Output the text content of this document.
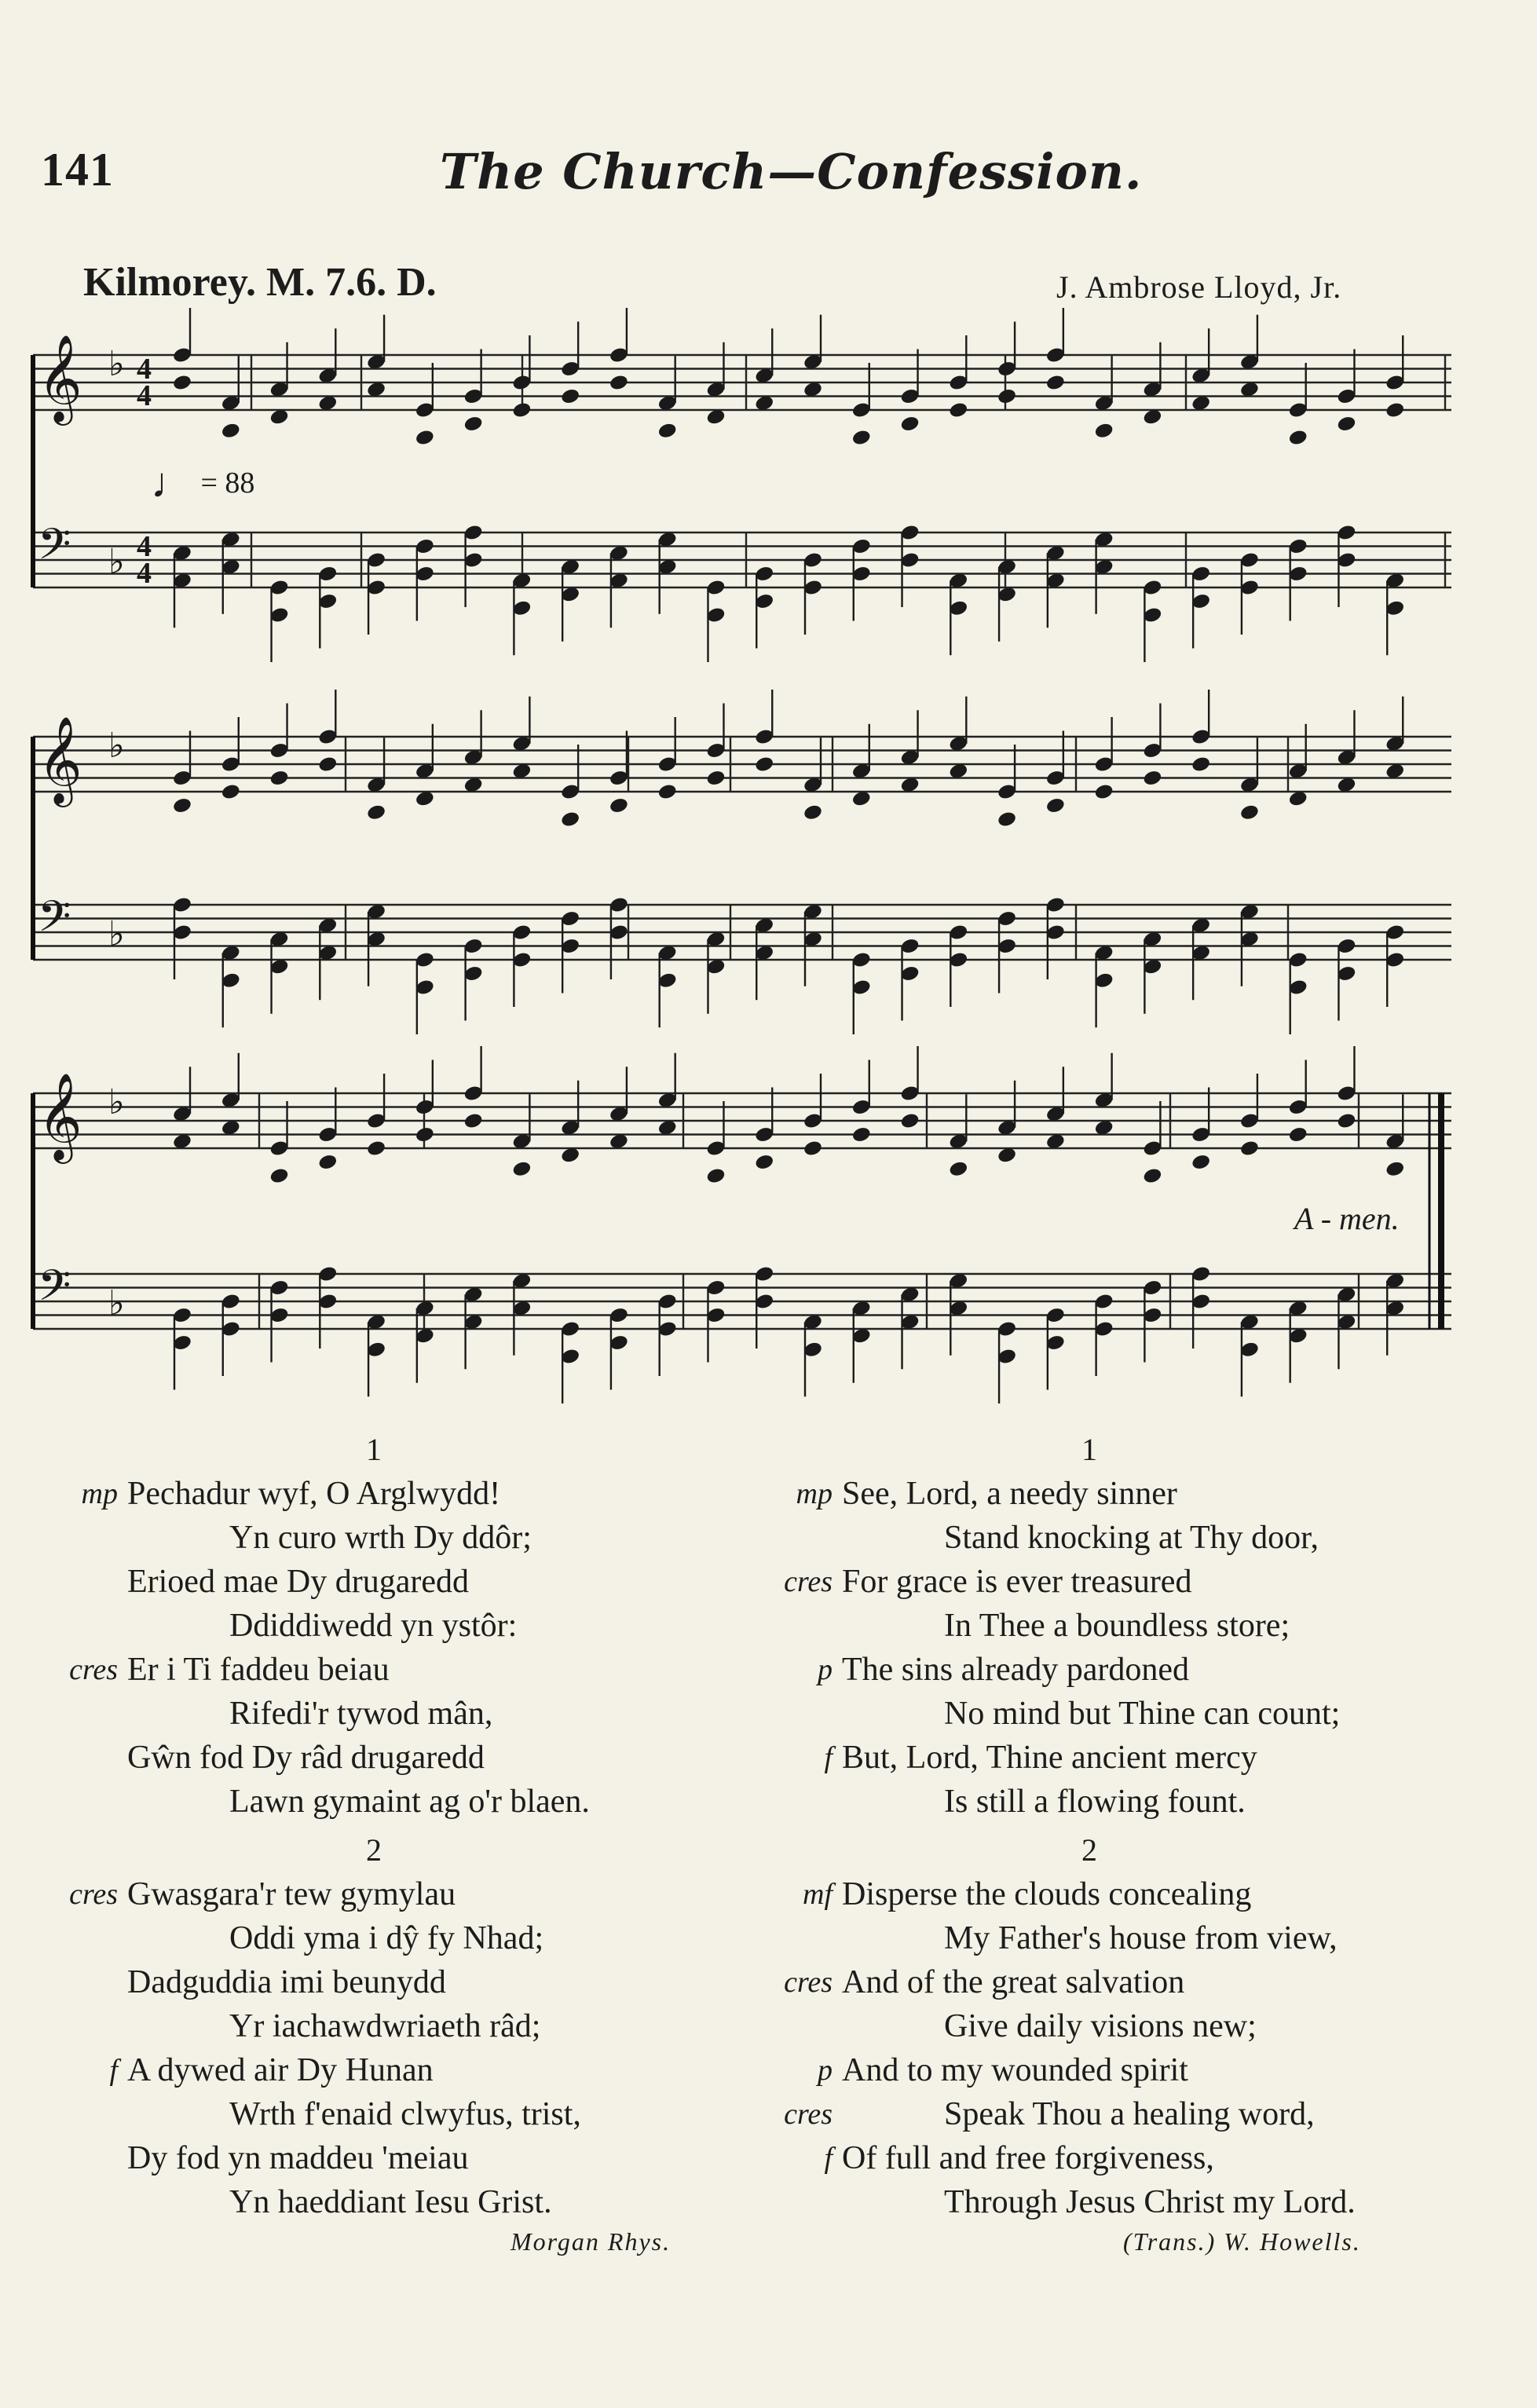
141	The Church—Confession.
Kilmorey. M. 7.6. D.	J. Ambrose Lloyd, Jr.
♩ = 88
𝄞 ♭
𝄢 ♭
𝄞 ♭
𝄢 ♭
𝄞 ♭
𝄢 ♭
4
4
4
4
A - men.
1
mp Pechadur wyf, O Arglwydd!
Yn curo wrth Dy ddôr;
Erioed mae Dy drugaredd
Ddiddiwedd yn ystôr:
cres Er i Ti faddeu beiau
Rifedi'r tywod mân,
Gŵn fod Dy râd drugaredd
Lawn gymaint ag o'r blaen.
2
cres Gwasgara'r tew gymylau
Oddi yma i dŷ fy Nhad;
Dadguddia imi beunydd
Yr iachawdwriaeth râd;
f A dywed air Dy Hunan
Wrth f'enaid clwyfus, trist,
Dy fod yn maddeu 'meiau
Yn haeddiant Iesu Grist.
Morgan Rhys.
1
mp See, Lord, a needy sinner
Stand knocking at Thy door,
cres For grace is ever treasured
In Thee a boundless store;
p The sins already pardoned
No mind but Thine can count;
f But, Lord, Thine ancient mercy
Is still a flowing fount.
2
mf Disperse the clouds concealing
My Father's house from view,
cres And of the great salvation
Give daily visions new;
p And to my wounded spirit
cres	Speak Thou a healing word,
f Of full and free forgiveness,
Through Jesus Christ my Lord.
(Trans.) W. Howells.
